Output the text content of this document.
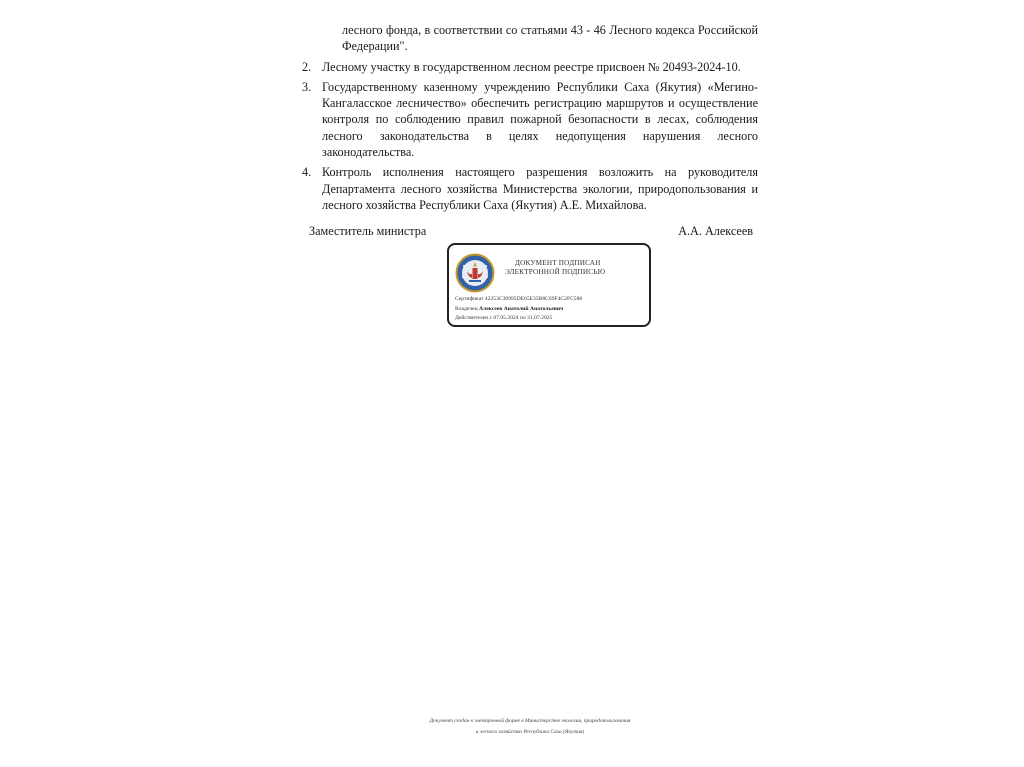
лесного фонда, в соответствии со статьями 43 - 46 Лесного кодекса Российской Федерации".

2. Лесному участку в государственном лесном реестре присвоен № 20493-2024-10.
3. Государственному казенному учреждению Республики Саха (Якутия) «Мегино-Кангаласское лесничество» обеспечить регистрацию маршрутов и осуществление контроля по соблюдению правил пожарной безопасности в лесах, соблюдения лесного законодательства в целях недопущения нарушения лесного законодательства.
4. Контроль исполнения настоящего разрешения возложить на руководителя Департамента лесного хозяйства Министерства экологии, природопользования и лесного хозяйства Республики Саха (Якутия) А.Е. Михайлова.
Заместитель министра	А.А. Алексеев
ДОКУМЕНТ ПОДПИСАН
ЭЛЕКТРОННОЙ ПОДПИСЬЮ
Сертификат 42253C30995DE65E35B8C69F4C2FC588
Владелец Алексеев Анатолий Анатольевич
Действителен с 07.05.2024 по 31.07.2025
Документ создан в электронной форме в Министерстве экологии, природопользования
и лесного хозяйства Республики Саха (Якутия)
